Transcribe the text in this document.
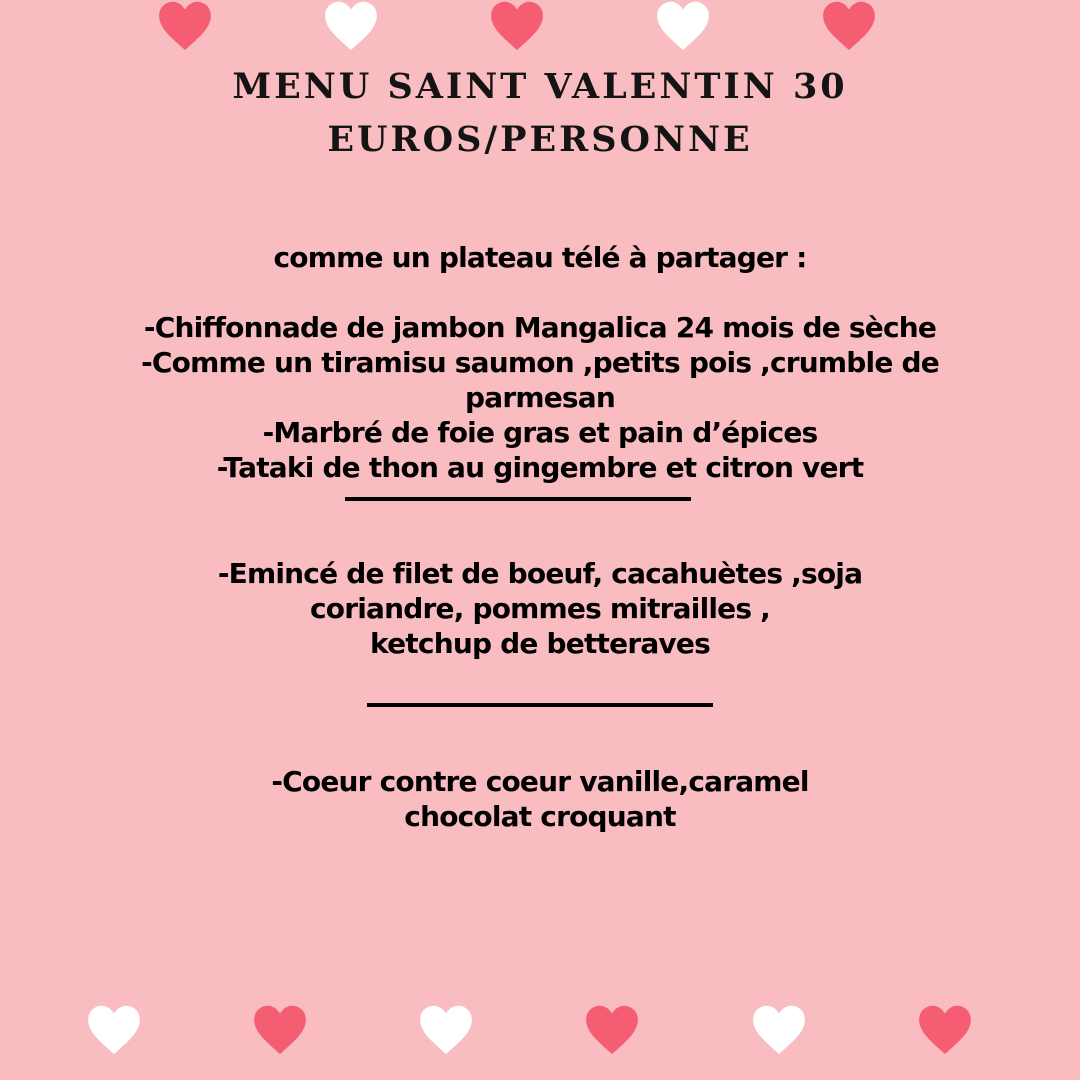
MENU SAINT VALENTIN 30
EUROS/PERSONNE
comme un plateau télé à partager :
-Chiffonnade de jambon Mangalica 24 mois de sèche
-Comme un tiramisu saumon ,petits pois ,crumble de
parmesan
-Marbré de foie gras et pain d’épices
-Tataki de thon au gingembre et citron vert
-Emincé de filet de boeuf, cacahuètes ,soja
coriandre, pommes mitrailles ,
ketchup de betteraves
-Coeur contre coeur vanille,caramel
chocolat croquant
